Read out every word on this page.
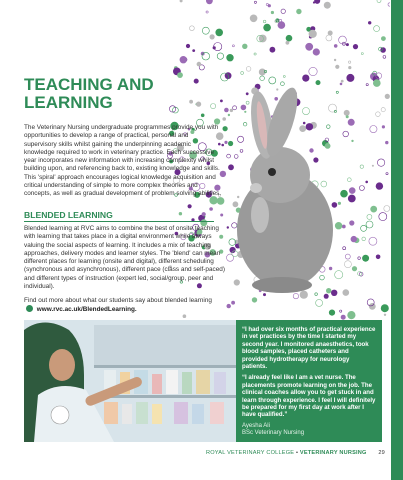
TEACHING AND LEARNING

The Veterinary Nursing undergraduate programmes provide you with opportunities to develop a range of practical, personal and supervisory skills whilst gaining the underpinning academic knowledge required to work in veterinary practice. Each successive year incorporates new information with increasing complexity whilst building upon, and referencing back to, existing knowledge and skills. This 'spiral' approach encourages logical knowledge acquisition and critical understanding of simple to more complex theories and concepts, as well as gradual development of problem solving abilities.

BLENDED LEARNING

Blended learning at RVC aims to combine the best of onsite teaching with learning that takes place in a digital environment while always valuing the social aspects of learning. It includes a mix of teaching approaches, delivery modes and learner styles. The 'blend' can mean different places for learning (onsite and digital), different scheduling (synchronous and asynchronous), different pace (class and self-paced) and different types of instruction (expert led, social/group, peer and individual).

Find out more about what our students say about blended learning  www.rvc.ac.uk/BlendedLearning.

“I had over six months of practical experience in vet practices by the time I started my second year. I monitored anaesthetics, took blood samples, placed catheters and provided hydrotherapy for neurology patients.

“I already feel like I am a vet nurse. The placements promote learning on the job. The clinical coaches allow you to get stuck in and learn through experience. I feel I will definitely be prepared for my first day at work after I have qualified.”

Ayesha Ali

BSc Veterinary Nursing

ROYAL VETERINARY COLLEGE • VETERINARY NURSING 29
